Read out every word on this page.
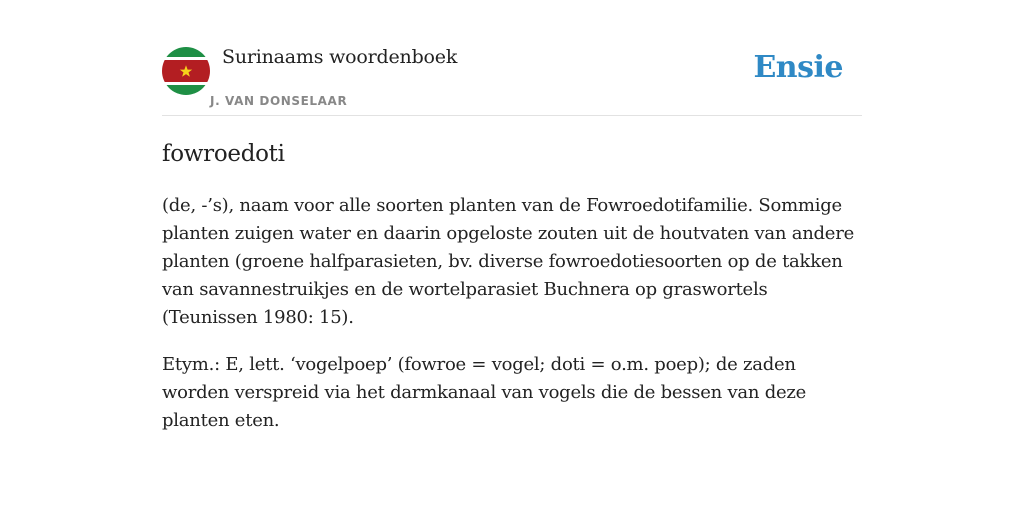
Surinaams woordenboek
J. VAN DONSELAAR
Ensie
fowroedoti

(de, -’s), naam voor alle soorten planten van de Fowroedotifamilie. Sommige planten zuigen water en daarin opgeloste zouten uit de houtvaten van andere planten (groene halfparasieten, bv. diverse fowroedotiesoorten op de takken van savannestruikjes en de wortelparasiet Buchnera op graswortels (Teunissen 1980: 15).

Etym.: E, lett. ‘vogelpoep’ (fowroe = vogel; doti = o.m. poep); de zaden worden verspreid via het darmkanaal van vogels die de bessen van deze planten eten.
